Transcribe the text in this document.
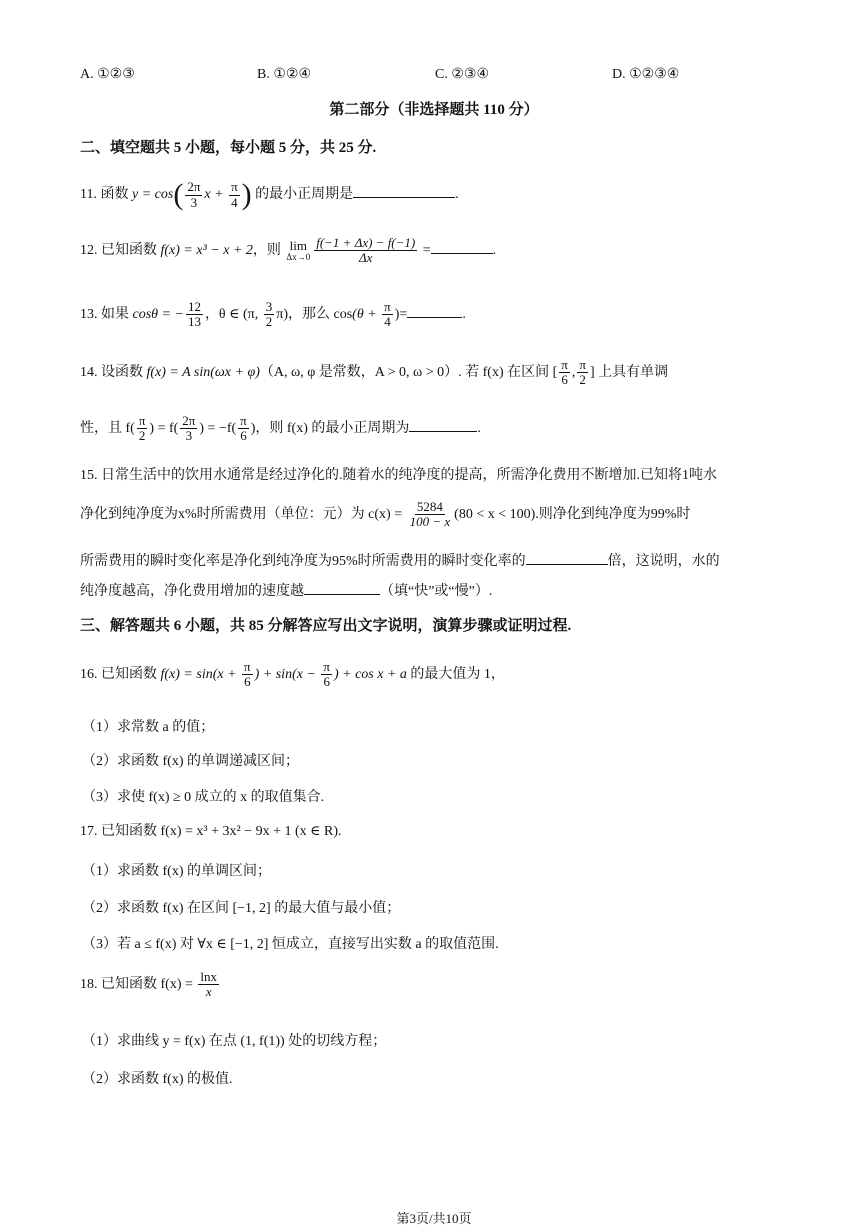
A. ①②③	B. ①②④	C. ②③④	D. ①②③④
第二部分（非选择题共 110 分）
二、填空题共 5 小题，每小题 5 分，共 25 分.
11. 函数 $y = \cos( \frac{2\pi}{3}$ $x + \frac{\pi}{4}$ ) 的最小正周期是	.
12. 已知函数 f(x) = x³ − x + 2，则 lim
$\Delta x\to 0 \frac{f(-1 + \Delta x) - f(-1)}{\Delta x}$ =	.
13. 如果 cosθ = − $\frac{12}{13}$ ，θ ∈ (π, $\frac{3}{2} \pi$)，那么 $\cos(\theta + \frac{\pi}{4}$ )=	.
14. 设函数 f(x) = A sin(ωx + φ)（A, ω, φ 是常数，A > 0, ω > 0）. 若 f(x) 在区间 [ $\frac{\pi}{6}$ , $\frac{\pi}{2}$ ] 上具有单调
性，且 $f( \frac{\pi}{2}$ ) = $f( \frac{2\pi}{3}$ ) = $-f( \frac{\pi}{6}$ )，则 f(x) 的最小正周期为	.
15. 日常生活中的饮用水通常是经过净化的.随着水的纯净度的提高，所需净化费用不断增加.已知将1吨水
净化到纯净度为x%时所需费用（单位：元）为 $c(x) = \frac{5284}{100 - x} (80 < x < 100)$.则净化到纯净度为99%时
所需费用的瞬时变化率是净化到纯净度为95%时所需费用的瞬时变化率的	倍，这说明，水的
纯净度越高，净化费用增加的速度越	（填“快”或“慢”）.
三、解答题共 6 小题，共 85 分解答应写出文字说明，演算步骤或证明过程.
16. 已知函数 $f(x) = \sin(x + \frac{\pi}{6}$ ) + $\sin(x - \frac{\pi}{6}$ ) + cos x + a 的最大值为 1，
（1）求常数 a 的值；
（2）求函数 f(x) 的单调递减区间；
（3）求使 f(x) ≥ 0 成立的 x 的取值集合.
17. 已知函数 f(x) = x³ + 3x² − 9x + 1 (x ∈ R).
（1）求函数 f(x) 的单调区间；
（2）求函数 f(x) 在区间 [−1, 2] 的最大值与最小值；
（3）若 a ≤ f(x) 对 ∀x ∈ [−1, 2] 恒成立，直接写出实数 a 的取值范围.
18. 已知函数 $f(x) = \frac{\ln x}{x}$
（1）求曲线 y = f(x) 在点 (1, f(1)) 处的切线方程；
（2）求函数 f(x) 的极值.
第3页/共10页
